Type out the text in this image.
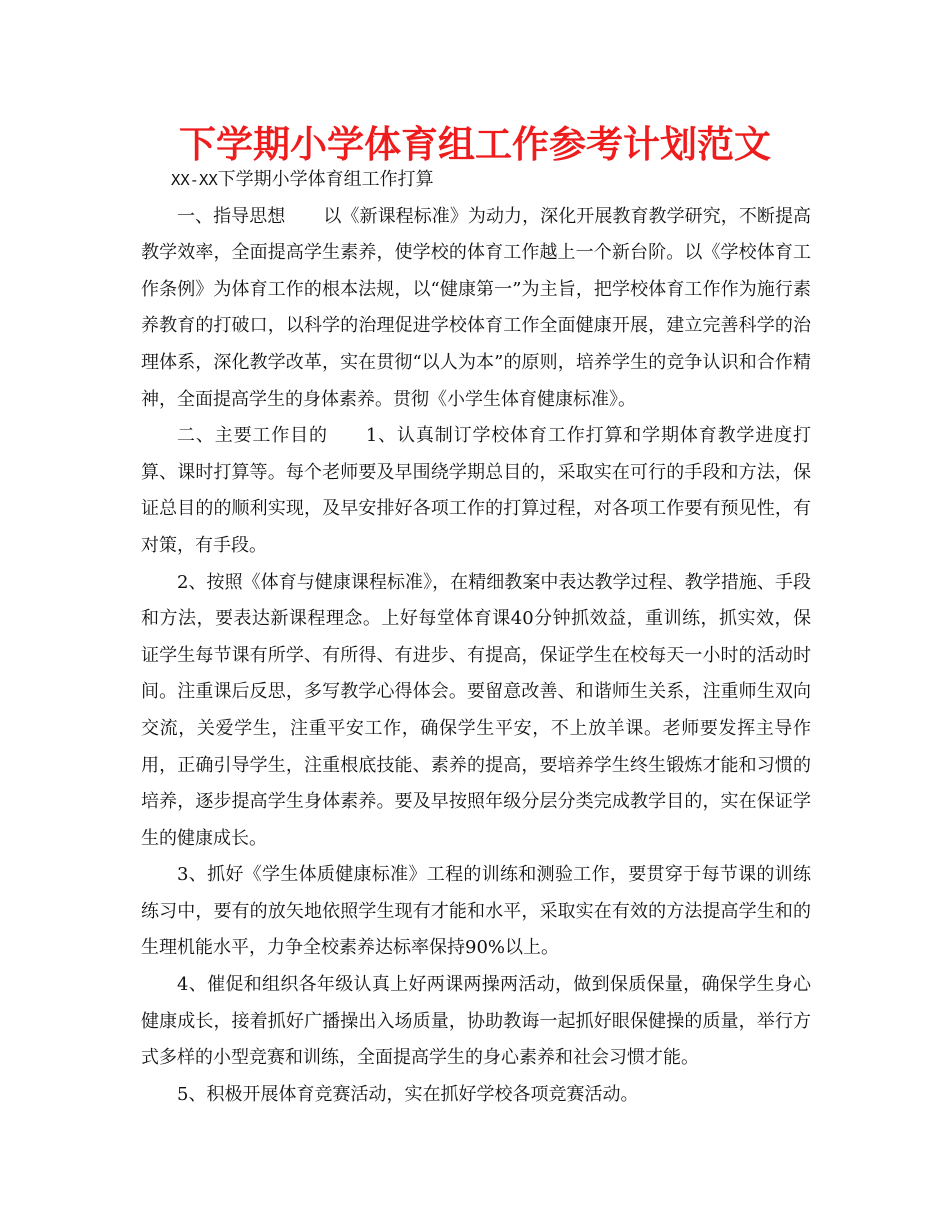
下学期小学体育组工作参考计划范文
XX-XX下学期小学体育组工作打算

一、指导思想 以《新课程标准》为动力，深化开展教育教学研究，不断提高教学效率，全面提高学生素养，使学校的体育工作越上一个新台阶。以《学校体育工作条例》为体育工作的根本法规，以“健康第一”为主旨，把学校体育工作作为施行素养教育的打破口，以科学的治理促进学校体育工作全面健康开展，建立完善科学的治理体系，深化教学改革，实在贯彻“以人为本”的原则，培养学生的竞争认识和合作精神，全面提高学生的身体素养。贯彻《小学生体育健康标准》。

二、主要工作目的 1、认真制订学校体育工作打算和学期体育教学进度打算、课时打算等。每个老师要及早围绕学期总目的，采取实在可行的手段和方法，保证总目的的顺利实现，及早安排好各项工作的打算过程，对各项工作要有预见性，有对策，有手段。

2、按照《体育与健康课程标准》，在精细教案中表达教学过程、教学措施、手段和方法，要表达新课程理念。上好每堂体育课40分钟抓效益，重训练，抓实效，保证学生每节课有所学、有所得、有进步、有提高，保证学生在校每天一小时的活动时间。注重课后反思，多写教学心得体会。要留意改善、和谐师生关系，注重师生双向交流，关爱学生，注重平安工作，确保学生平安，不上放羊课。老师要发挥主导作用，正确引导学生，注重根底技能、素养的提高，要培养学生终生锻炼才能和习惯的培养，逐步提高学生身体素养。要及早按照年级分层分类完成教学目的，实在保证学生的健康成长。

3、抓好《学生体质健康标准》工程的训练和测验工作，要贯穿于每节课的训练练习中，要有的放矢地依照学生现有才能和水平，采取实在有效的方法提高学生和的生理机能水平，力争全校素养达标率保持90%以上。

4、催促和组织各年级认真上好两课两操两活动，做到保质保量，确保学生身心健康成长，接着抓好广播操出入场质量，协助教诲一起抓好眼保健操的质量，举行方式多样的小型竞赛和训练，全面提高学生的身心素养和社会习惯才能。

5、积极开展体育竞赛活动，实在抓好学校各项竞赛活动。
